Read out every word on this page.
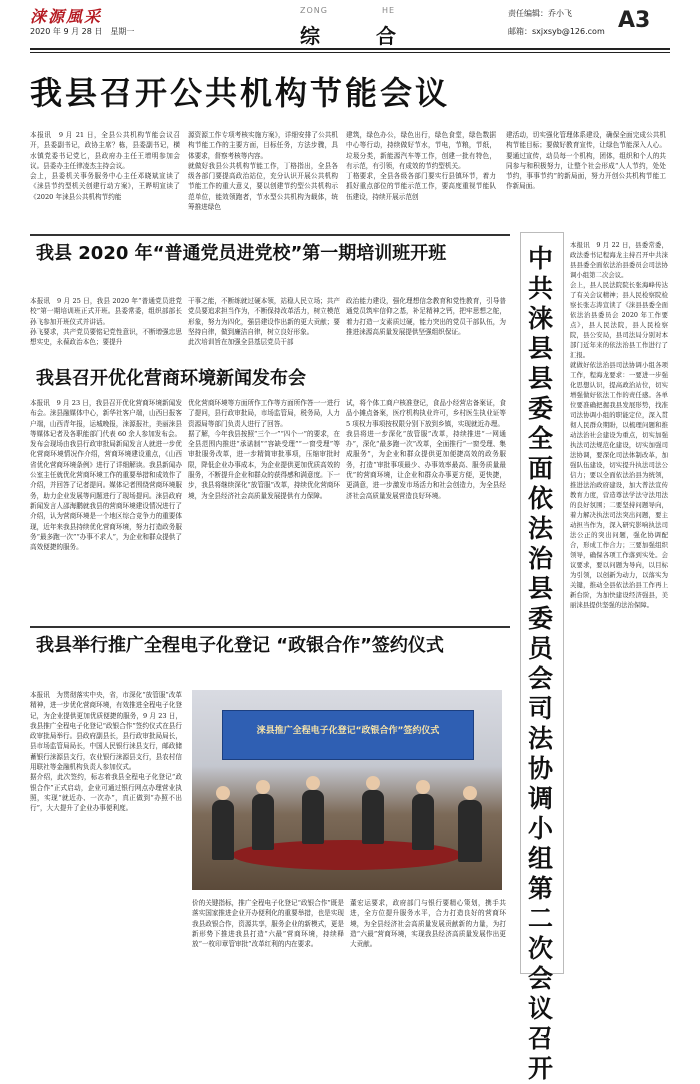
涞源風采
2020 年 9 月 28 日　星期一
ZONG	HE
综合
责任编辑：乔小飞
邮箱：sxjxsyb@126.com A3
我县召开公共机构节能会议
本报讯　9 月 21 日，全县公共机构节能会议召开，县委副书记，政协主席？栋，县委副书记，横水镇党委书记党匕，县政府办主任王增明参加会议。县委办主任律凌杰主持会议。
会上，县委机关事务服务中心主任邓晓斌宣读了《涞县节约型机关创建行动方案》，王晔明宣读了《2020 年涞县公共机构节约能
源资源工作专项考核实施方案》，详细安排了公共机构节能工作的主要方面，目标任务，方法步骤，具体要求，督察考核等内容。
就做好我县公共机构节能工作，丁格指出，全县各级各部门要提高政治站位，充分认识开展公共机构节能工作的重大意义，要以创建节约型公共机构示范单位，能效领跑者，节水型公共机构为载体，统筹推进绿色
建筑，绿色办公，绿色出行，绿色食堂，绿色数据中心等行动，持续做好节水，节电，节粮，节纸，垃圾分类，新能源汽车等工作，创建一批有特色，有示范，有引领，有成效的节约型机关。
丁格要求，全县各级各部门要实行县镇环节，着力抓好重点部位的节能示范工作，要高度重视节能队伍建设，持续开展示范创
建活动，切实强化管理体系建设，确保全面完成公共机构节能目标；要做好教育宣传，让绿色节能深入人心。要通过宣传，动员每一个机构，团体，组织和个人的共同参与和积极努力，让整个社会形成“人人节约，处处节约，事事节约”的新局面，努力开创公共机构节能工作新局面。
我县 2020 年“普通党员进党校”第一期培训班开班
本报讯　9 月 25 日，我县 2020 年“普通党员进党校”第一期培训班正式开班。县委常委，组织部部长孙飞参加开班仪式并讲话。
孙飞要求，共产党员要铭记党性意识，不断增强忠思想实史，永葆政治本色；要提升
干事之能，不断练就过硬本领，站稳人民立场；共产党员要追求担当作为，不断保持改革活力，树立模范形象，努力为四化，强县建设作出新的更大贡献；要坚持自律，做到廉洁自律，树立良好形象。
此次培训旨在加强全县基层党员干部
政治能力建设，强化理想信念教育和党性教育，引导普通党员筑牢信仰之基，补足精神之钙，把牢思想之舵，着力打造一支素质过硬，能力突出的党员干部队伍，为推进涞源高质量发展提供坚强组织保证。
我县召开优化营商环境新闻发布会
本报讯　9 月 23 日，我县召开优化营商环境新闻发布会。涞县融媒体中心，新华社客户端，山西日报客户端，山西青年报，运城晚报，涞源报社，美丽涞县等媒体记者及各职能部门代表 60 余人参加发布会。
发布会现场由我县行政审批局新闻发言人就进一步优化营商环境情况作介绍，营商环境建设重点，《山西省优化营商环境条例》进行了详细解读。我县新闻办公室主任就优化营商环境工作的重要举措和成效作了介绍，并回答了记者提问。媒体记者围绕营商环境服务，助力企业发展等问题进行了现场提问。涞县政府新闻发言人邵海鹏就我县的营商环境建设情况进行了介绍，认为营商环境是一个地区综合竞争力的重要体现，近年来我县持续优化营商环境，努力打造政务服务“最多跑一次”“办事不求人”，为企业和群众提供了高效便捷的服务。
优化营商环境等方面所作工作等方面所作答一一进行了提问，县行政审批局，市场监管局，税务局，人力资源局等部门负责人进行了回答。
据了解，今年我县按照“三个一”“四个一”的要求，在全县范围内推进“承诺制”“容缺受理”“一窗受理”等审批服务改革，进一步精简审批事项，压缩审批时限，降低企业办事成本，为企业提供更加优质高效的服务，不断提升企业和群众的获得感和满意度。下一步，我县将继续深化“放管服”改革，持续优化营商环境，为全县经济社会高质量发展提供有力保障。
试，将个体工商户核准登记，食品小经营店备案证，食品小摊点备案，医疗机构执业许可，乡村医生执业证等 5 项权力事项按权限分别下放到乡镇，实现就近办理。
我县将进一步深化“放管服”改革，持续推进“一网通办”，深化“最多跑一次”改革，全面推行“一窗受理、集成服务”，为企业和群众提供更加便捷高效的政务服务，打造“审批事项最少、办事效率最高、服务质量最优”的营商环境，让企业和群众办事更方便，更快捷，更满意，进一步激发市场活力和社会创造力，为全县经济社会高质量发展营造良好环境。
我县举行推广全程电子化登记 “政银合作”签约仪式
本报讯　为贯彻落实中央，省，市深化“放管服”改革精神，进一步优化营商环境，有效推进全程电子化登记，为企业提供更加优质便捷的服务，9 月 23 日，我县推广全程电子化登记“政银合作”签约仪式在县行政审批局举行。县政府副县长，县行政审批局局长，县市场监管局局长，中国人民银行涞县支行，邮政储蓄银行涞源县支行，农业银行涞源县支行，县农村信用联社等金融机构负责人参加仪式。
据介绍，此次签约，标志着我县全程电子化登记“政银合作”正式启动，企业可通过银行网点办理营业执照，实现“就近办、一次办”，真正做到“办照不出行”，大大提升了企业办事便利度。
涞县推广全程电子化登记“政银合作”签约仪式
价的关键指标，推广全程电子化登记“政银合作”既是落实国家推进企业开办便利化的重要举措，也是实现我县政银合作，资源共享，服务企业的新模式，更是新形势下推进我县打造“六最”营商环境，持续释放“一枚印章管审批”改革红利的内在要求。
董宏运要求，政府部门与银行要精心策划，携手共进，全方位提升服务水平，合力打造良好的营商环境，为全县经济社会高质量发展贡献新的力量，为打造“六最”营商环境，实现我县经济高质量发展作出更大贡献。
中共涞县县委全面依法治县委员会司法协调小组第二次会议召开
本报讯　9 月 22 日，县委常委，政法委书记程海龙主持召开中共涞县县委全面依法治县委员会司法协调小组第二次会议。
会上，县人民法院院长张海峰传达了有关会议精神；县人民检察院检察长张志涛宣读了《涞县县委全面依法治县委员会 2020 年工作要点》，县人民法院，县人民检察院，县公安局，县司法局分别对本部门近年来的依法治县工作进行了汇报。
就做好依法治县司法协调小组各项工作，程海龙要求：一要进一步强化思想认识，提高政治站位，切实增强做好依法工作的责任感。各单位要准确把握我县发展形势，找准司法协调小组的职能定位，深入贯彻人民群众期盼，以梳理问题和推动法治社会建设为重点，切实加强执法司法规范化建设，切实加强司法协调，要深化司法体制改革，加强队伍建设，切实提升执法司法公信力；要以全面依法治县为统领，推进法治政府建设，加大普法宣传教育力度，营造尊法学法守法用法的良好氛围；二要坚持问题导向，着力解决执法司法突出问题，要主动担当作为，深入研究影响执法司法公正的突出问题，强化协调配合，形成工作合力；三要加强组织领导，确保各项工作落到实处。会议要求，要以问题为导向，以目标为引领，以创新为动力，以落实为关键，推动全县依法治县工作再上新台阶，为加快建设经济强县，美丽涞县提供坚强的法治保障。
